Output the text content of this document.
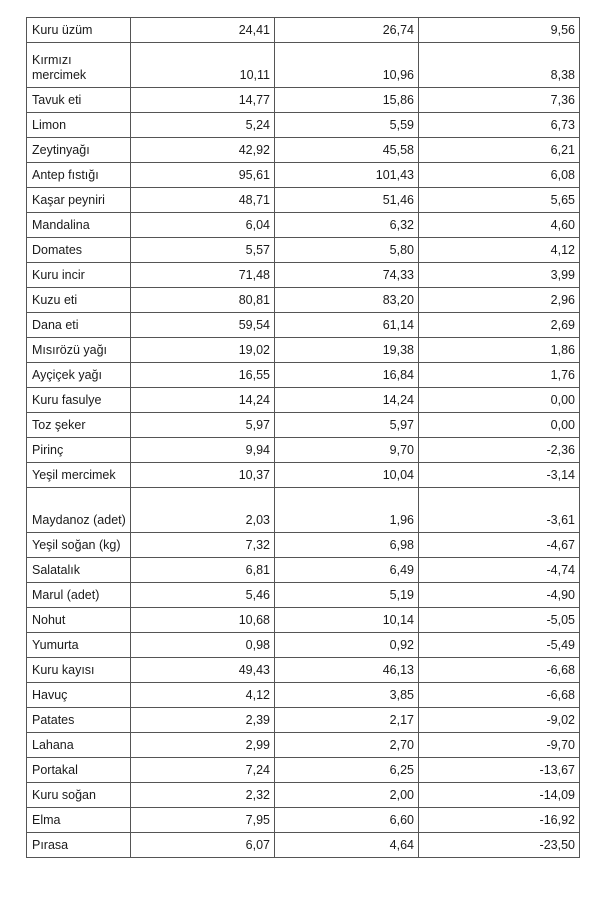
Kuru üzüm	24,41	26,74	9,56
Kırmızı mercimek	10,11	10,96	8,38
Tavuk eti	14,77	15,86	7,36
Limon	5,24	5,59	6,73
Zeytinyağı	42,92	45,58	6,21
Antep fıstığı	95,61	101,43	6,08
Kaşar peyniri	48,71	51,46	5,65
Mandalina	6,04	6,32	4,60
Domates	5,57	5,80	4,12
Kuru incir	71,48	74,33	3,99
Kuzu eti	80,81	83,20	2,96
Dana eti	59,54	61,14	2,69
Mısırözü yağı	19,02	19,38	1,86
Ayçiçek yağı	16,55	16,84	1,76
Kuru fasulye	14,24	14,24	0,00
Toz şeker	5,97	5,97	0,00
Pirinç	9,94	9,70	-2,36
Yeşil mercimek	10,37	10,04	-3,14
Maydanoz (adet)	2,03	1,96	-3,61
Yeşil soğan (kg)	7,32	6,98	-4,67
Salatalık	6,81	6,49	-4,74
Marul (adet)	5,46	5,19	-4,90
Nohut	10,68	10,14	-5,05
Yumurta	0,98	0,92	-5,49
Kuru kayısı	49,43	46,13	-6,68
Havuç	4,12	3,85	-6,68
Patates	2,39	2,17	-9,02
Lahana	2,99	2,70	-9,70
Portakal	7,24	6,25	-13,67
Kuru soğan	2,32	2,00	-14,09
Elma	7,95	6,60	-16,92
Pırasa	6,07	4,64	-23,50
